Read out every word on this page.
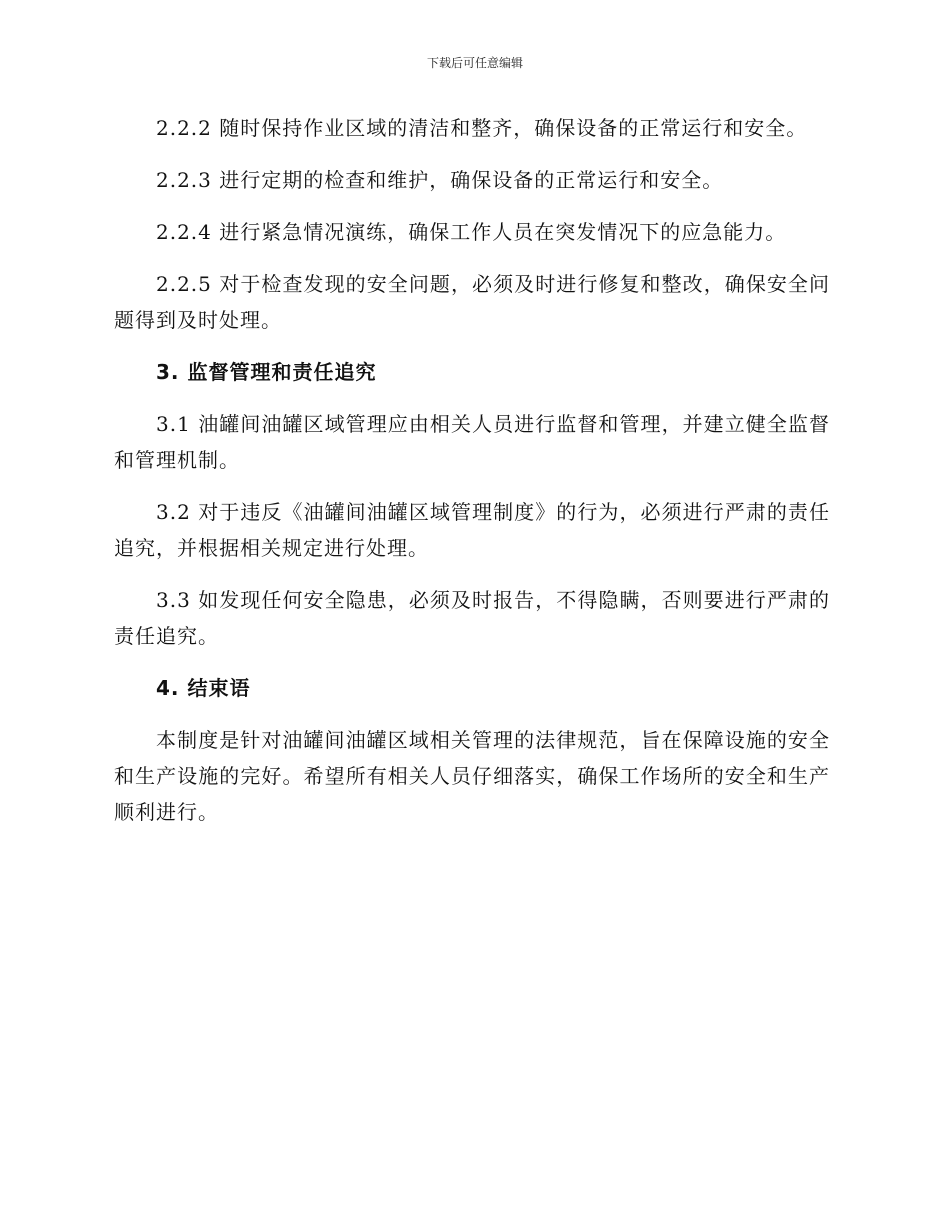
下载后可任意编辑

2.2.2 随时保持作业区域的清洁和整齐，确保设备的正常运行和安全。

2.2.3 进行定期的检查和维护，确保设备的正常运行和安全。

2.2.4 进行紧急情况演练，确保工作人员在突发情况下的应急能力。

2.2.5 对于检查发现的安全问题，必须及时进行修复和整改，确保安全问题得到及时处理。

3. 监督管理和责任追究

3.1 油罐间油罐区域管理应由相关人员进行监督和管理，并建立健全监督和管理机制。

3.2 对于违反《油罐间油罐区域管理制度》的行为，必须进行严肃的责任追究，并根据相关规定进行处理。

3.3 如发现任何安全隐患，必须及时报告，不得隐瞒，否则要进行严肃的责任追究。

4. 结束语

本制度是针对油罐间油罐区域相关管理的法律规范，旨在保障设施的安全和生产设施的完好。希望所有相关人员仔细落实，确保工作场所的安全和生产顺利进行。
